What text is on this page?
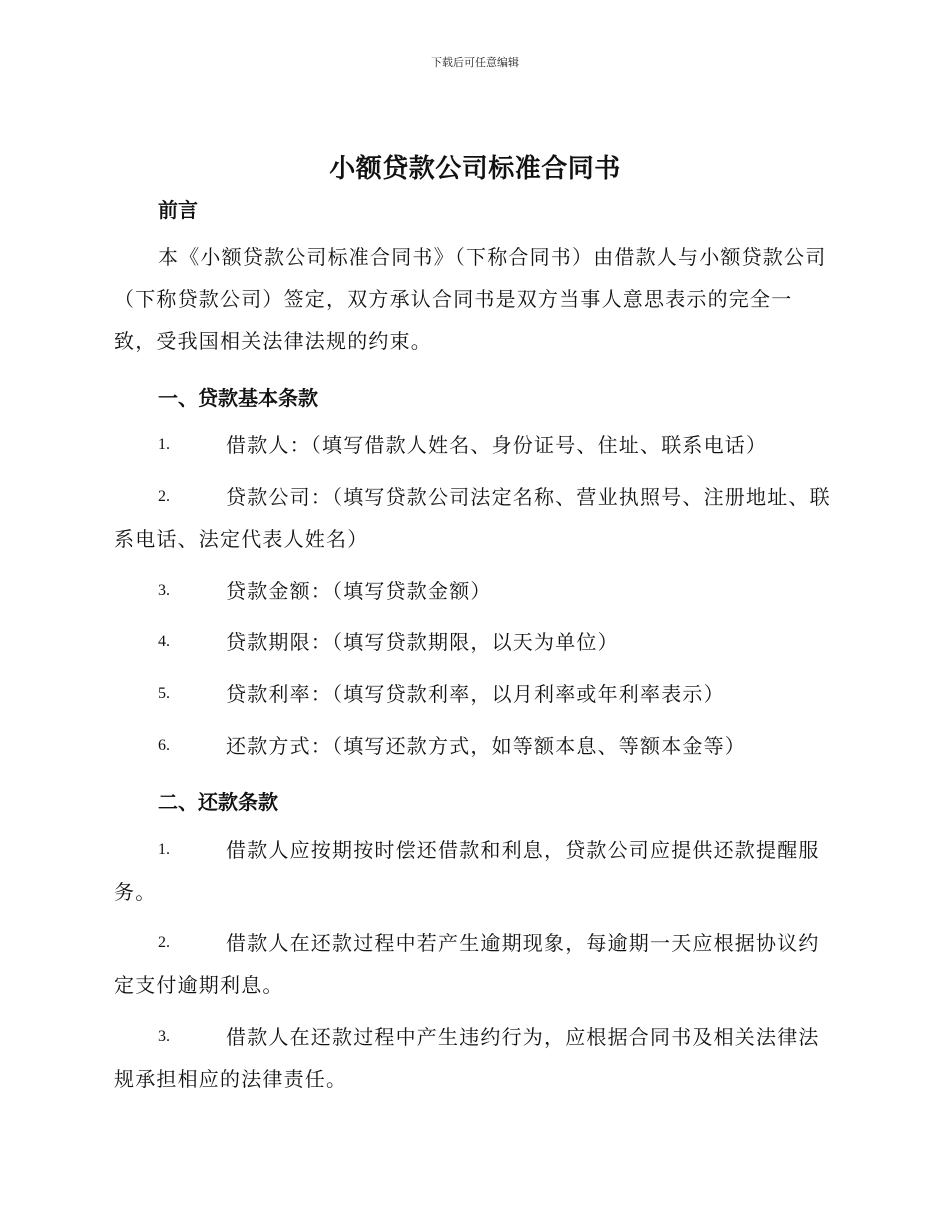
下载后可任意编辑
小额贷款公司标准合同书
前言
本《小额贷款公司标准合同书》（下称合同书）由借款人与小额贷款公司（下称贷款公司）签定，双方承认合同书是双方当事人意思表示的完全一致，受我国相关法律法规的约束。
一、贷款基本条款
1.	借款人：（填写借款人姓名、身份证号、住址、联系电话）
2.	贷款公司：（填写贷款公司法定名称、营业执照号、注册地址、联系电话、法定代表人姓名）
3.	贷款金额：（填写贷款金额）
4.	贷款期限：（填写贷款期限，以天为单位）
5.	贷款利率：（填写贷款利率，以月利率或年利率表示）
6.	还款方式：（填写还款方式，如等额本息、等额本金等）
二、还款条款
1.	借款人应按期按时偿还借款和利息，贷款公司应提供还款提醒服务。
2.	借款人在还款过程中若产生逾期现象，每逾期一天应根据协议约定支付逾期利息。
3.	借款人在还款过程中产生违约行为，应根据合同书及相关法律法规承担相应的法律责任。
